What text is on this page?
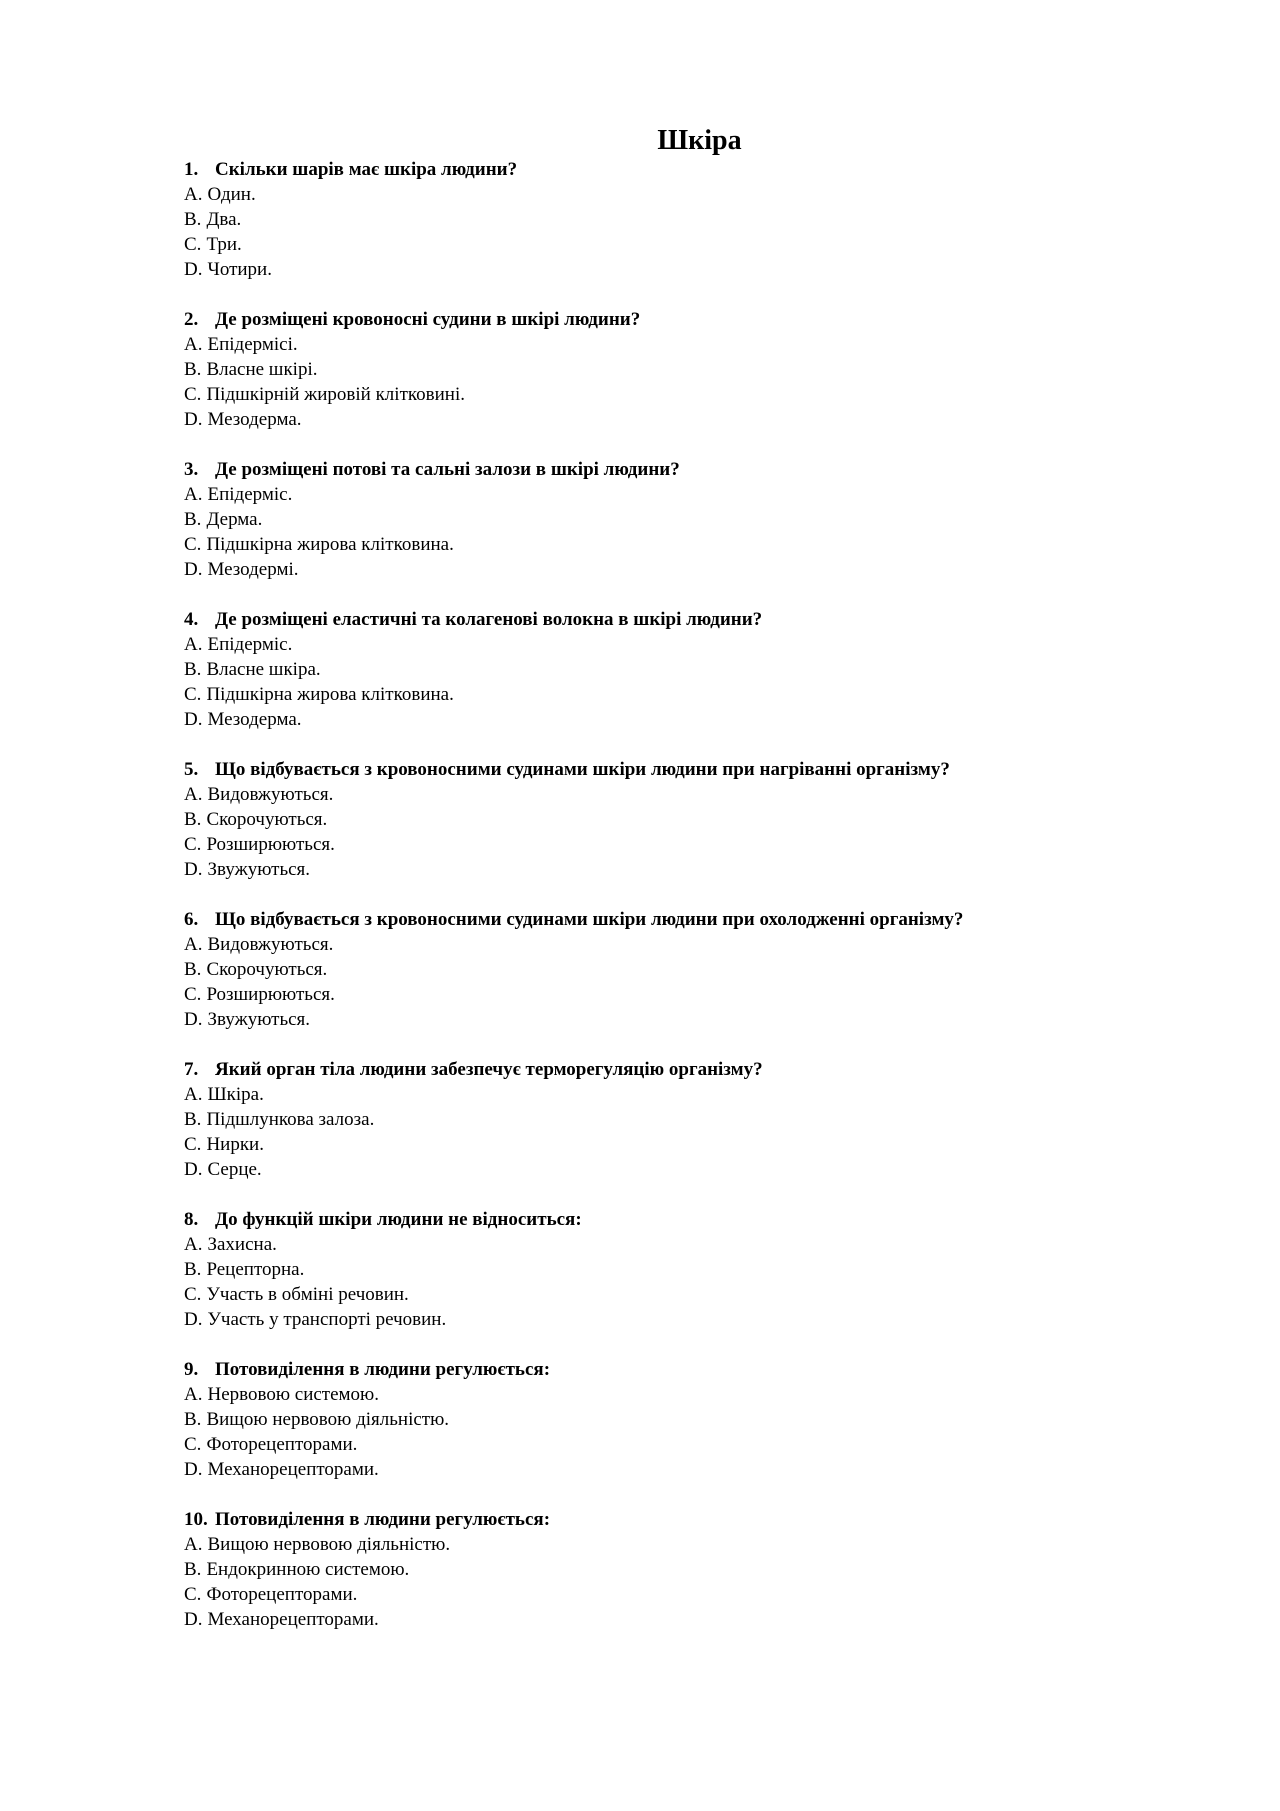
Шкіра
1. Скільки шарів має шкіра людини?
A. Один.
B. Два.
C. Три.
D. Чотири.
2. Де розміщені кровоносні судини в шкірі людини?
A. Епідермісі.
B. Власне шкірі.
C. Підшкірній жировій клітковині.
D. Мезодерма.
3. Де розміщені потові та сальні залози в шкірі людини?
A. Епідерміс.
B. Дерма.
C. Підшкірна жирова клітковина.
D. Мезодермі.
4. Де розміщені еластичні та колагенові волокна в шкірі людини?
A. Епідерміс.
B. Власне шкіра.
C. Підшкірна жирова клітковина.
D. Мезодерма.
5. Що відбувається з кровоносними судинами шкіри людини при нагріванні організму?
A. Видовжуються.
B. Скорочуються.
C. Розширюються.
D. Звужуються.
6. Що відбувається з кровоносними судинами шкіри людини при охолодженні організму?
A. Видовжуються.
B. Скорочуються.
C. Розширюються.
D. Звужуються.
7. Який орган тіла людини забезпечує терморегуляцію організму?
A. Шкіра.
B. Підшлункова залоза.
C. Нирки.
D. Серце.
8. До функцій шкіри людини не відноситься:
A. Захисна.
B. Рецепторна.
C. Участь в обміні речовин.
D. Участь у транспорті речовин.
9. Потовиділення в людини регулюється:
A. Нервовою системою.
B. Вищою нервовою діяльністю.
C. Фоторецепторами.
D. Механорецепторами.
10. Потовиділення в людини регулюється:
A. Вищою нервовою діяльністю.
B. Ендокринною системою.
C. Фоторецепторами.
D. Механорецепторами.
